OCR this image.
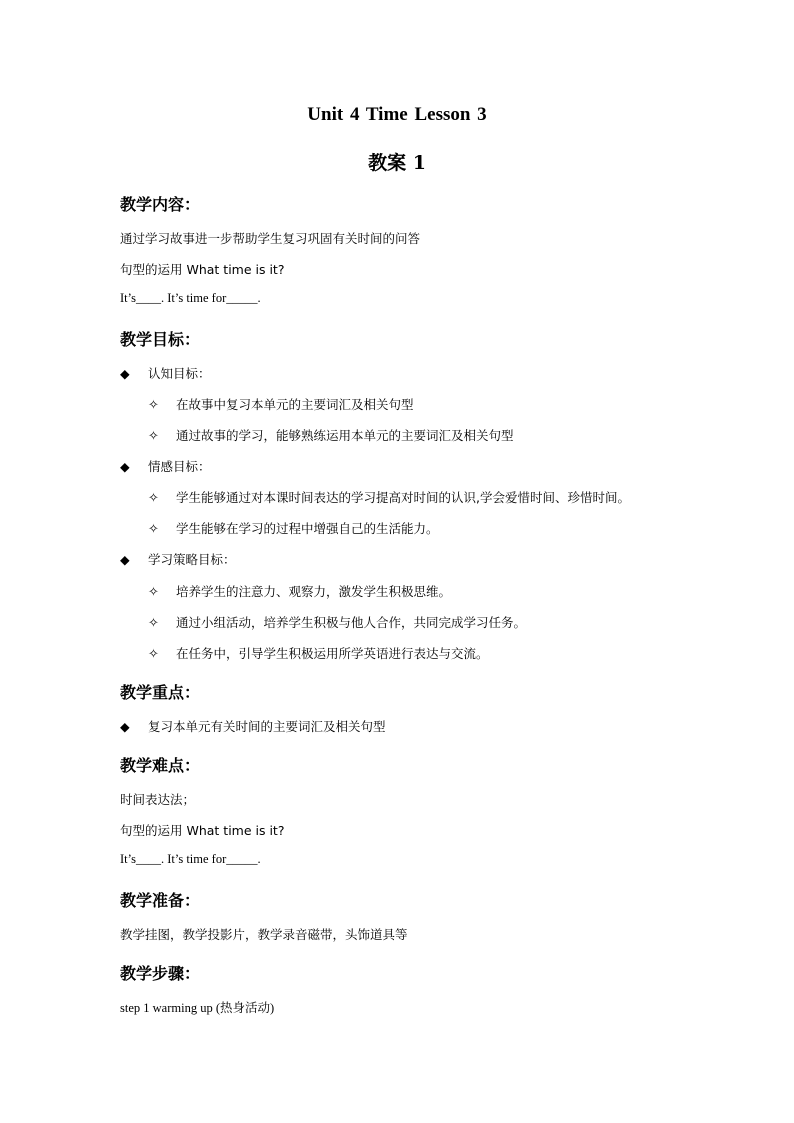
Unit 4 Time Lesson 3
教案 1
教学内容：
通过学习故事进一步帮助学生复习巩固有关时间的问答
句型的运用 What time is it?
It’s____. It’s time for_____.
教学目标：
◆ 认知目标：
✧ 在故事中复习本单元的主要词汇及相关句型
✧ 通过故事的学习，能够熟练运用本单元的主要词汇及相关句型
◆ 情感目标：
✧ 学生能够通过对本课时间表达的学习提高对时间的认识,学会爱惜时间、珍惜时间。
✧ 学生能够在学习的过程中增强自己的生活能力。
◆ 学习策略目标：
✧ 培养学生的注意力、观察力，激发学生积极思维。
✧ 通过小组活动，培养学生积极与他人合作，共同完成学习任务。
✧ 在任务中，引导学生积极运用所学英语进行表达与交流。
教学重点：
◆ 复习本单元有关时间的主要词汇及相关句型
教学难点：
时间表达法；
句型的运用 What time is it?
It’s____. It’s time for_____.
教学准备：
教学挂图，教学投影片，教学录音磁带，头饰道具等
教学步骤：
step 1 warming up (热身活动)
